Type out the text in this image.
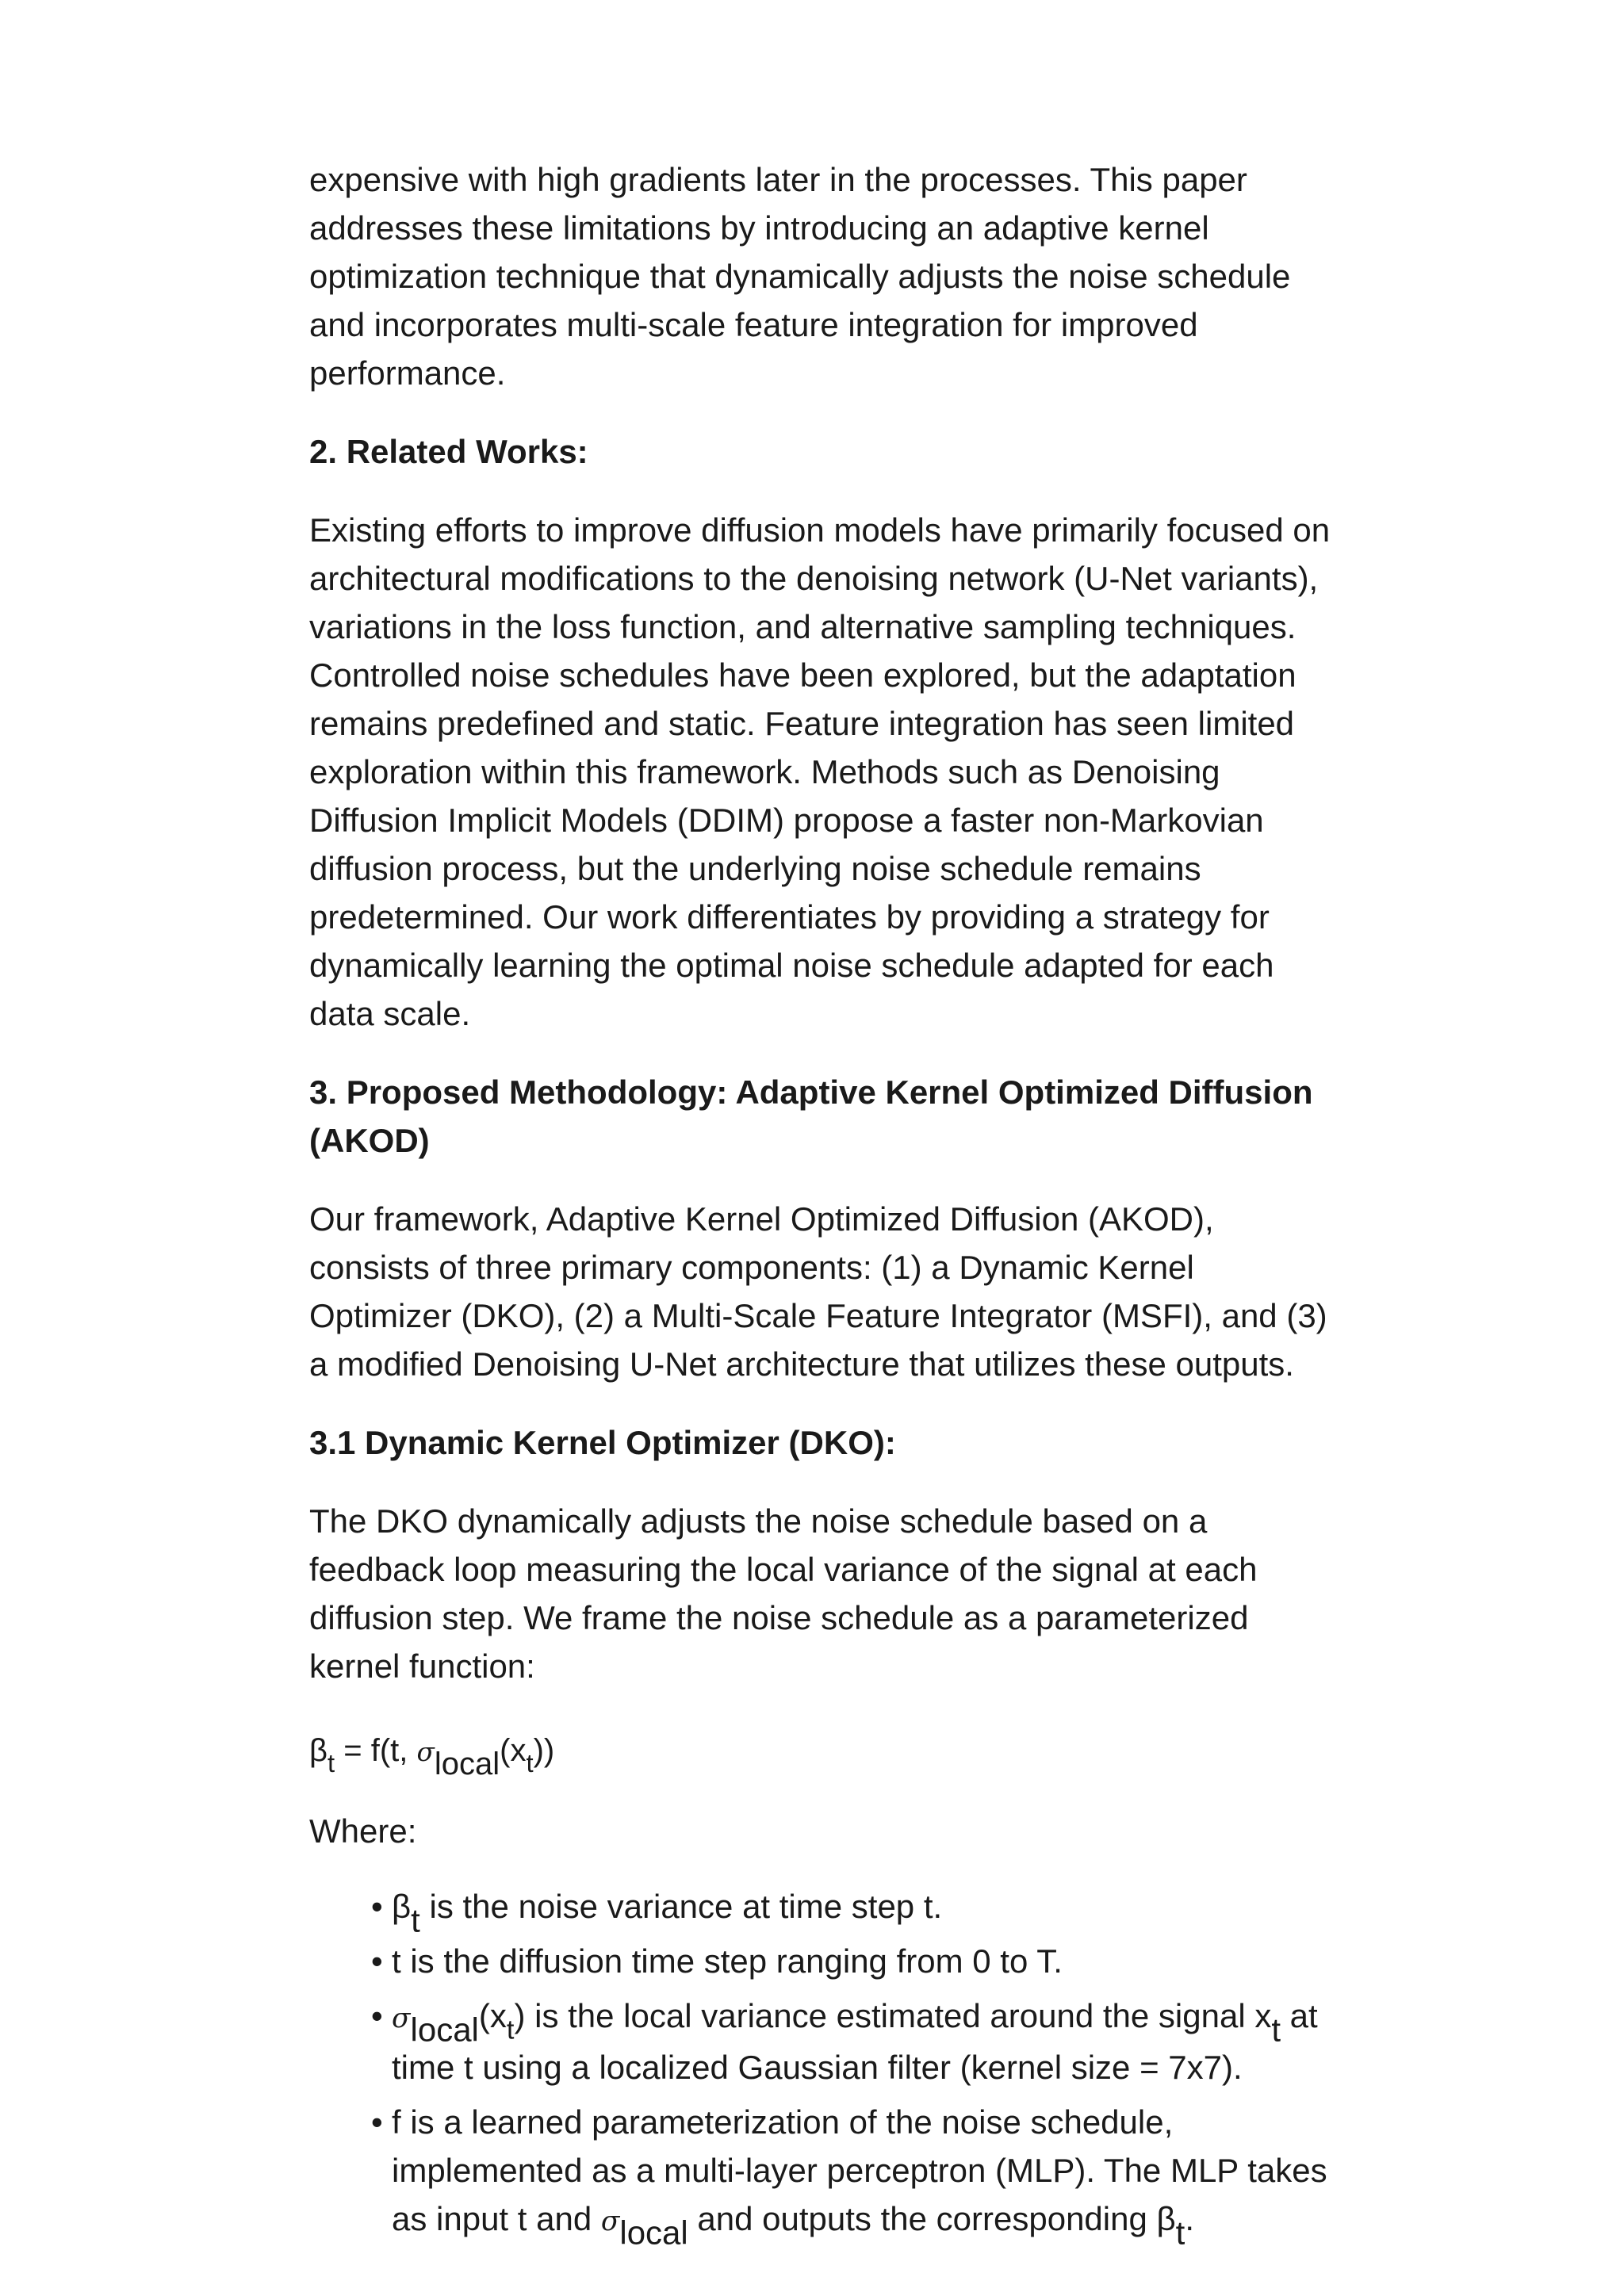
expensive with high gradients later in the processes. This paper addresses these limitations by introducing an adaptive kernel optimization technique that dynamically adjusts the noise schedule and incorporates multi-scale feature integration for improved performance.

2. Related Works:

Existing efforts to improve diffusion models have primarily focused on architectural modifications to the denoising network (U-Net variants), variations in the loss function, and alternative sampling techniques. Controlled noise schedules have been explored, but the adaptation remains predefined and static. Feature integration has seen limited exploration within this framework. Methods such as Denoising Diffusion Implicit Models (DDIM) propose a faster non-Markovian diffusion process, but the underlying noise schedule remains predetermined. Our work differentiates by providing a strategy for dynamically learning the optimal noise schedule adapted for each data scale.

3. Proposed Methodology: Adaptive Kernel Optimized Diffusion (AKOD)

Our framework, Adaptive Kernel Optimized Diffusion (AKOD), consists of three primary components: (1) a Dynamic Kernel Optimizer (DKO), (2) a Multi-Scale Feature Integrator (MSFI), and (3) a modified Denoising U-Net architecture that utilizes these outputs.

3.1 Dynamic Kernel Optimizer (DKO):

The DKO dynamically adjusts the noise schedule based on a feedback loop measuring the local variance of the signal at each diffusion step. We frame the noise schedule as a parameterized kernel function:

$\beta_t = f(t$, $\sigma local(x_t)$)

Where:

• βt is the noise variance at time step t.
• t is the diffusion time step ranging from 0 to T.
• $\sigma local(x_t)$ is the local variance estimated around the signal xt at time t using a localized Gaussian filter (kernel size = 7x7).
• f is a learned parameterization of the noise schedule, implemented as a multi-layer perceptron (MLP). The MLP takes as input t and σlocal and outputs the corresponding βt.
